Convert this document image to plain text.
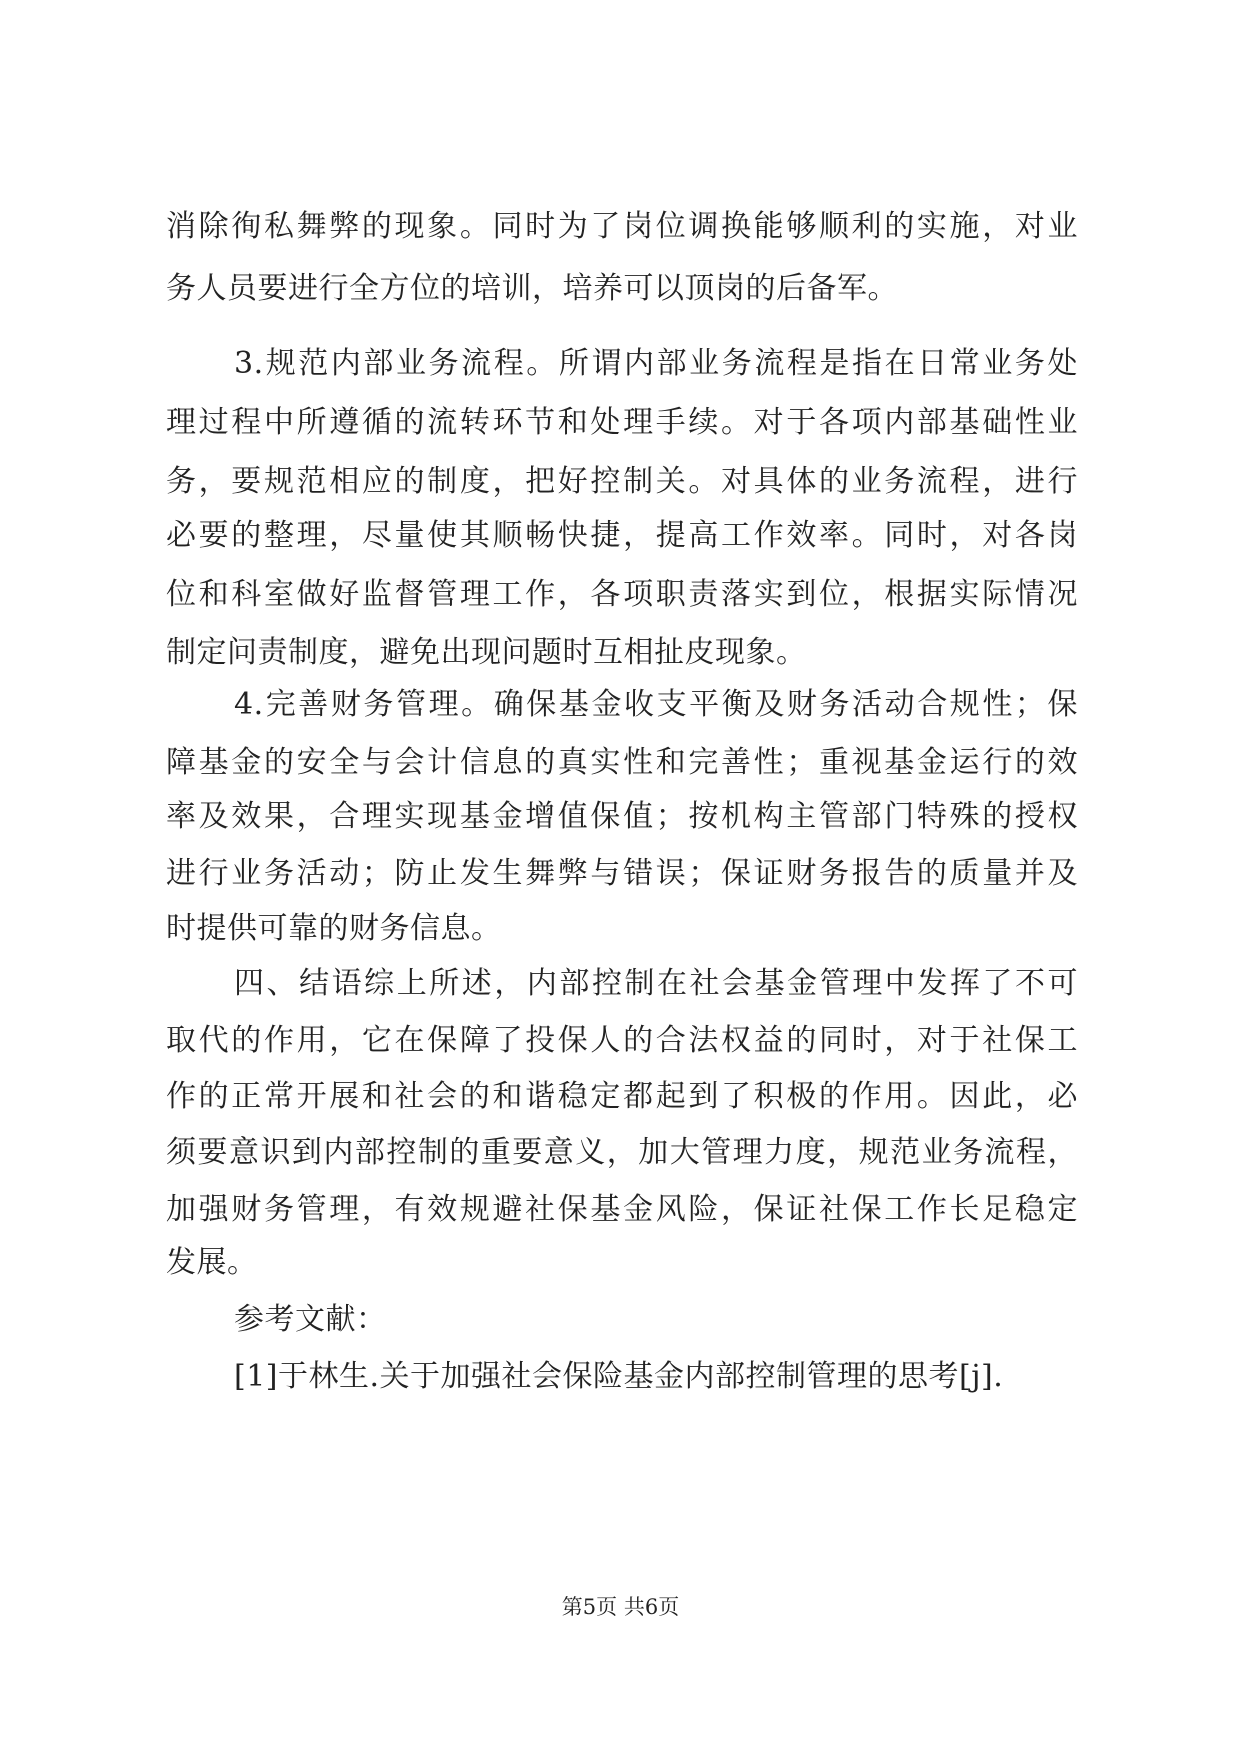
消除徇私舞弊的现象。同时为了岗位调换能够顺利的实施，对业
务人员要进行全方位的培训，培养可以顶岗的后备军。
3.规范内部业务流程。所谓内部业务流程是指在日常业务处
理过程中所遵循的流转环节和处理手续。对于各项内部基础性业
务，要规范相应的制度，把好控制关。对具体的业务流程，进行
必要的整理，尽量使其顺畅快捷，提高工作效率。同时，对各岗
位和科室做好监督管理工作，各项职责落实到位，根据实际情况
制定问责制度，避免出现问题时互相扯皮现象。
4.完善财务管理。确保基金收支平衡及财务活动合规性；保
障基金的安全与会计信息的真实性和完善性；重视基金运行的效
率及效果，合理实现基金增值保值；按机构主管部门特殊的授权
进行业务活动；防止发生舞弊与错误；保证财务报告的质量并及
时提供可靠的财务信息。
四、结语综上所述，内部控制在社会基金管理中发挥了不可
取代的作用，它在保障了投保人的合法权益的同时，对于社保工
作的正常开展和社会的和谐稳定都起到了积极的作用。因此，必
须要意识到内部控制的重要意义，加大管理力度，规范业务流程，
加强财务管理，有效规避社保基金风险，保证社保工作长足稳定
发展。
参考文献：
[1]于林生.关于加强社会保险基金内部控制管理的思考[j].
第5页 共6页
